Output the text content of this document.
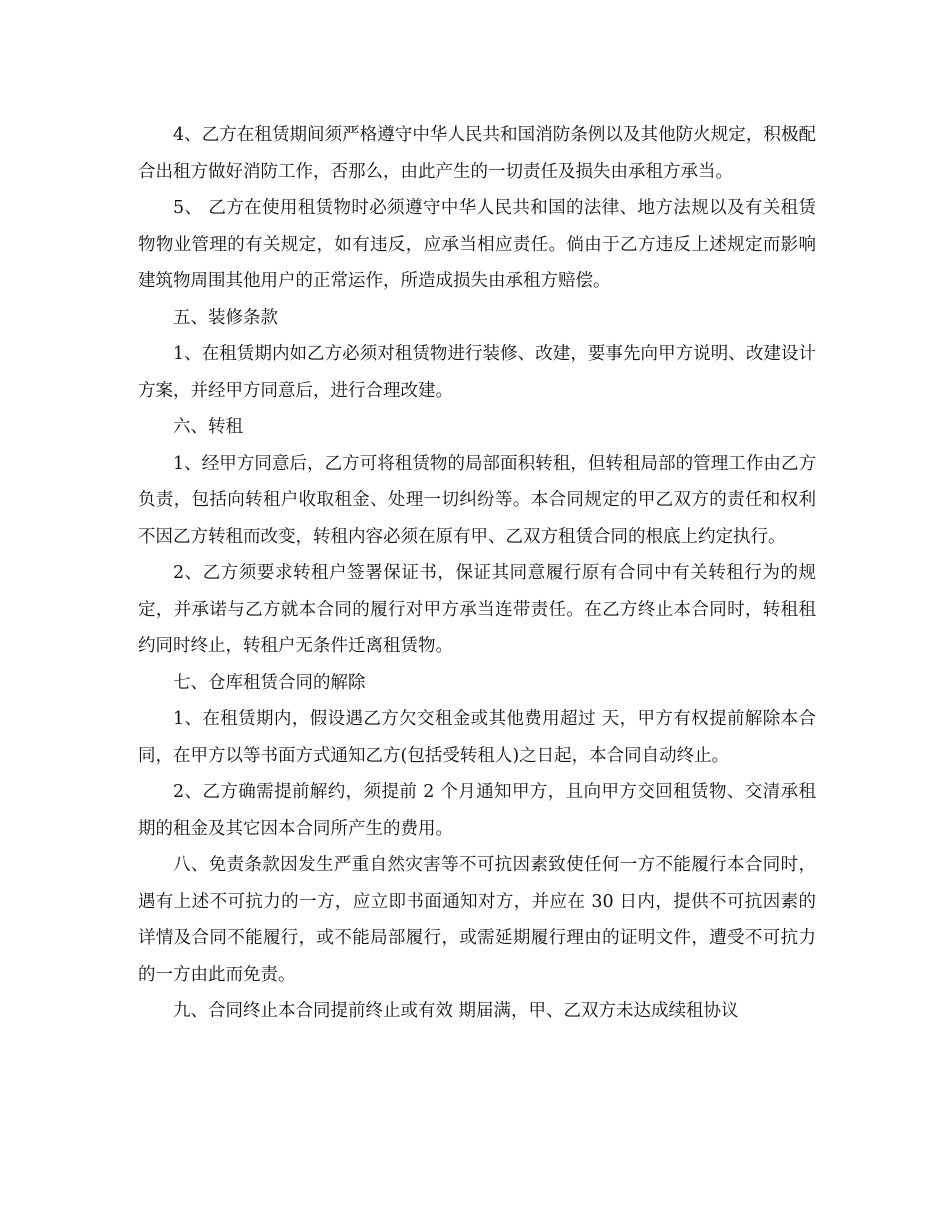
4、乙方在租赁期间须严格遵守中华人民共和国消防条例以及其他防火规定，积极配合出租方做好消防工作，否那么，由此产生的一切责任及损失由承租方承当。

5、 乙方在使用租赁物时必须遵守中华人民共和国的法律、地方法规以及有关租赁物物业管理的有关规定，如有违反，应承当相应责任。倘由于乙方违反上述规定而影响建筑物周围其他用户的正常运作，所造成损失由承租方赔偿。

五、装修条款

1、在租赁期内如乙方必须对租赁物进行装修、改建，要事先向甲方说明、改建设计方案，并经甲方同意后，进行合理改建。

六、转租

1、经甲方同意后，乙方可将租赁物的局部面积转租，但转租局部的管理工作由乙方负责，包括向转租户收取租金、处理一切纠纷等。本合同规定的甲乙双方的责任和权利不因乙方转租而改变，转租内容必须在原有甲、乙双方租赁合同的根底上约定执行。

2、乙方须要求转租户签署保证书，保证其同意履行原有合同中有关转租行为的规定，并承诺与乙方就本合同的履行对甲方承当连带责任。在乙方终止本合同时，转租租约同时终止，转租户无条件迁离租赁物。

七、仓库租赁合同的解除

1、在租赁期内，假设遇乙方欠交租金或其他费用超过 天，甲方有权提前解除本合同，在甲方以等书面方式通知乙方(包括受转租人)之日起，本合同自动终止。

2、乙方确需提前解约，须提前 2 个月通知甲方，且向甲方交回租赁物、交清承租期的租金及其它因本合同所产生的费用。

八、免责条款因发生严重自然灾害等不可抗因素致使任何一方不能履行本合同时，遇有上述不可抗力的一方，应立即书面通知对方，并应在 30 日内，提供不可抗因素的详情及合同不能履行，或不能局部履行，或需延期履行理由的证明文件，遭受不可抗力的一方由此而免责。

九、合同终止本合同提前终止或有效 期届满，甲、乙双方未达成续租协议
